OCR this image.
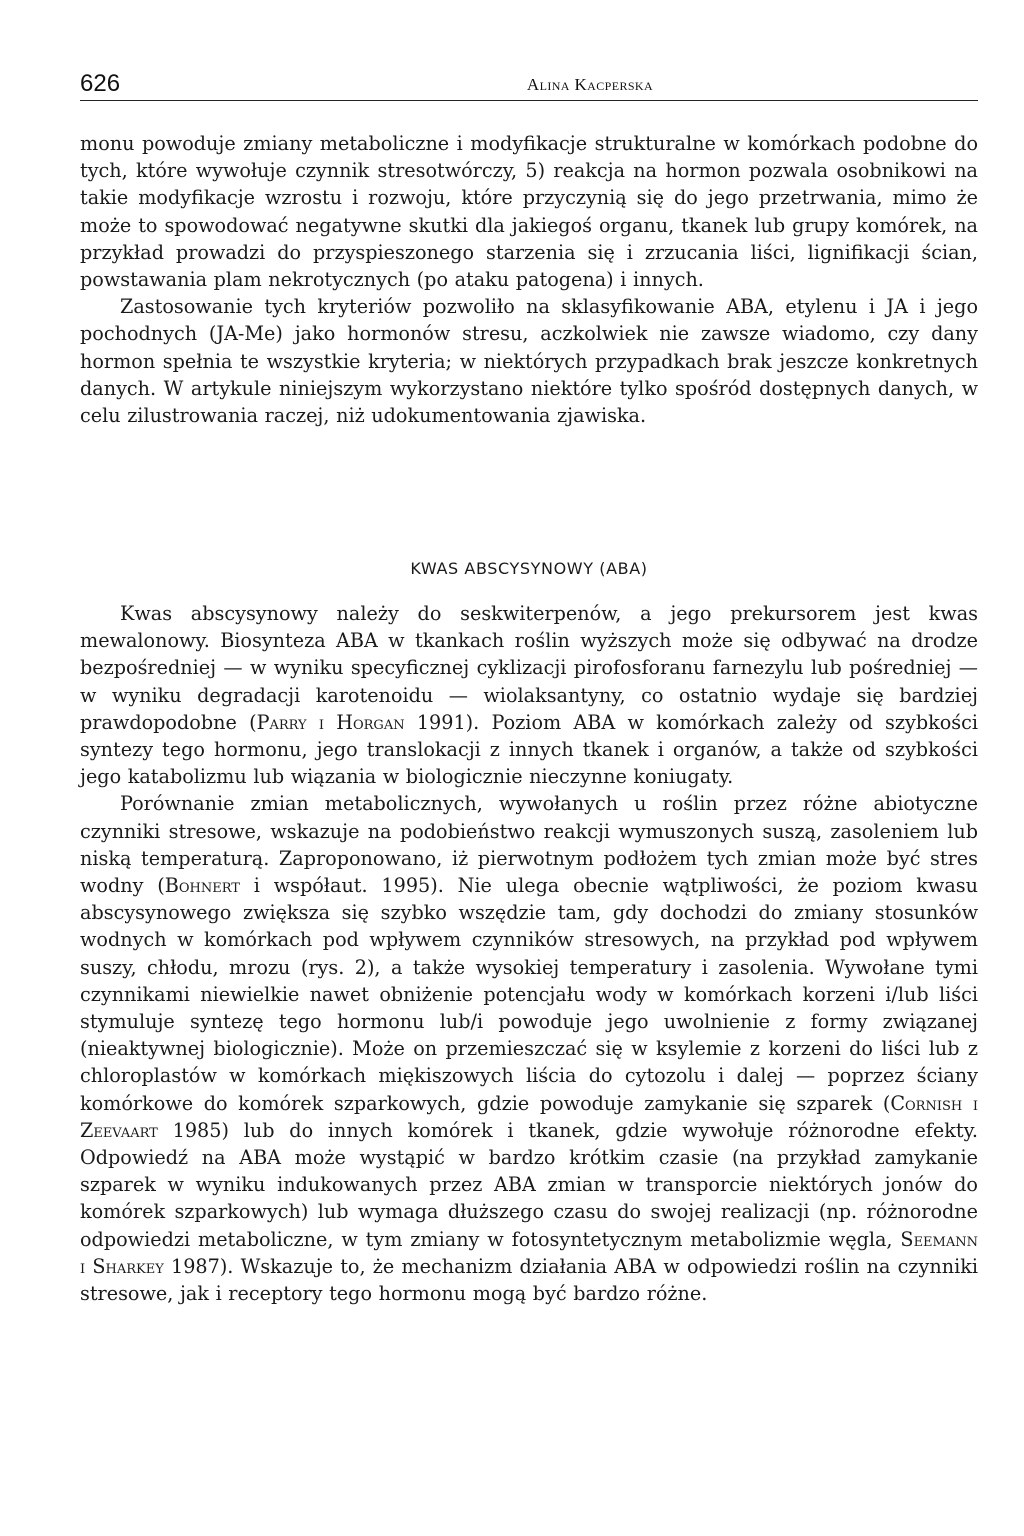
626	Alina Kacperska

monu powoduje zmiany metaboliczne i modyfikacje strukturalne w komórkach podobne do tych, które wywołuje czynnik stresotwórczy, 5) reakcja na hormon pozwala osobnikowi na takie modyfikacje wzrostu i rozwoju, które przyczynią się do jego przetrwania, mimo że może to spowodować negatywne skutki dla jakiegoś organu, tkanek lub grupy komórek, na przykład prowadzi do przyspieszonego starzenia się i zrzucania liści, lignifikacji ścian, powstawania plam nekrotycznych (po ataku patogena) i innych.

Zastosowanie tych kryteriów pozwoliło na sklasyfikowanie ABA, etylenu i JA i jego pochodnych (JA-Me) jako hormonów stresu, aczkolwiek nie zawsze wiadomo, czy dany hormon spełnia te wszystkie kryteria; w niektórych przypadkach brak jeszcze konkretnych danych. W artykule niniejszym wykorzystano niektóre tylko spośród dostępnych danych, w celu zilustrowania raczej, niż udokumentowania zjawiska.

KWAS ABSCYSYNOWY (ABA)

Kwas abscysynowy należy do seskwiterpenów, a jego prekursorem jest kwas mewalonowy. Biosynteza ABA w tkankach roślin wyższych może się odbywać na drodze bezpośredniej — w wyniku specyficznej cyklizacji pirofosforanu farnezylu lub pośredniej — w wyniku degradacji karotenoidu — wiolaksantyny, co ostatnio wydaje się bardziej prawdopodobne (Parry i Horgan 1991). Poziom ABA w komórkach zależy od szybkości syntezy tego hormonu, jego translokacji z innych tkanek i organów, a także od szybkości jego katabolizmu lub wiązania w biologicznie nieczynne koniugaty.

Porównanie zmian metabolicznych, wywołanych u roślin przez różne abiotyczne czynniki stresowe, wskazuje na podobieństwo reakcji wymuszonych suszą, zasoleniem lub niską temperaturą. Zaproponowano, iż pierwotnym podłożem tych zmian może być stres wodny (Bohnert i współaut. 1995). Nie ulega obecnie wątpliwości, że poziom kwasu abscysynowego zwiększa się szybko wszędzie tam, gdy dochodzi do zmiany stosunków wodnych w komórkach pod wpływem czynników stresowych, na przykład pod wpływem suszy, chłodu, mrozu (rys. 2), a także wysokiej temperatury i zasolenia. Wywołane tymi czynnikami niewielkie nawet obniżenie potencjału wody w komórkach korzeni i/lub liści stymuluje syntezę tego hormonu lub/i powoduje jego uwolnienie z formy związanej (nieaktywnej biologicznie). Może on przemieszczać się w ksylemie z korzeni do liści lub z chloroplastów w komórkach miękiszowych liścia do cytozolu i dalej — poprzez ściany komórkowe do komórek szparkowych, gdzie powoduje zamykanie się szparek (Cornish i Zeevaart 1985) lub do innych komórek i tkanek, gdzie wywołuje różnorodne efekty. Odpowiedź na ABA może wystąpić w bardzo krótkim czasie (na przykład zamykanie szparek w wyniku indukowanych przez ABA zmian w transporcie niektórych jonów do komórek szparkowych) lub wymaga dłuższego czasu do swojej realizacji (np. różnorodne odpowiedzi metaboliczne, w tym zmiany w fotosyntetycznym metabolizmie węgla, Seemann i Sharkey 1987). Wskazuje to, że mechanizm działania ABA w odpowiedzi roślin na czynniki stresowe, jak i receptory tego hormonu mogą być bardzo różne.
